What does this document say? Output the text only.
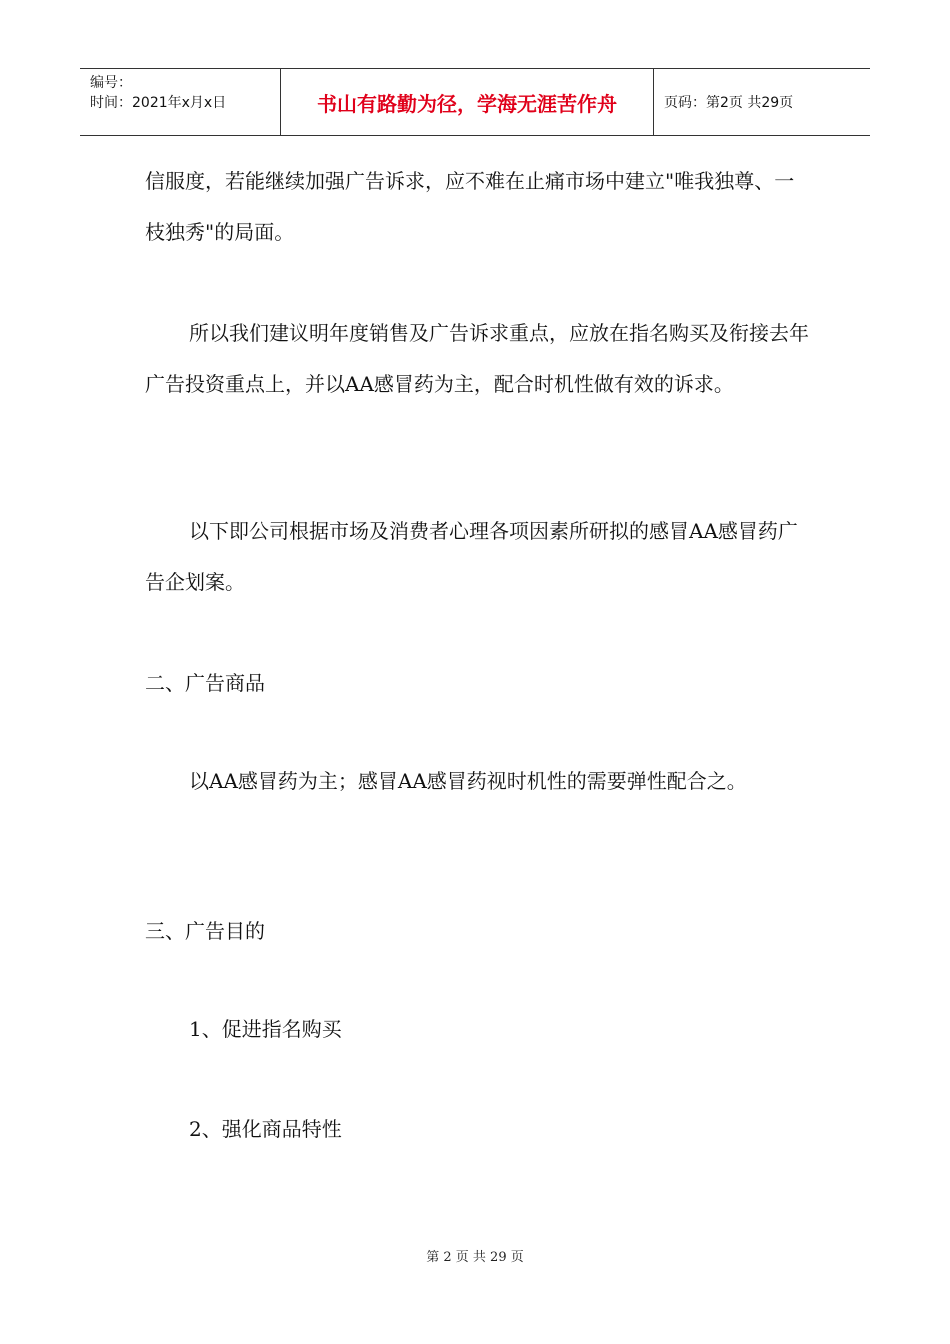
编号：
时间：2021年x月x日	书山有路勤为径，学海无涯苦作舟	页码：第2页 共29页

信服度，若能继续加强广告诉求，应不难在止痛市场中建立"唯我独尊、一枝独秀"的局面。

所以我们建议明年度销售及广告诉求重点，应放在指名购买及衔接去年广告投资重点上，并以AA感冒药为主，配合时机性做有效的诉求。

以下即公司根据市场及消费者心理各项因素所研拟的感冒AA感冒药广告企划案。

二、广告商品

以AA感冒药为主；感冒AA感冒药视时机性的需要弹性配合之。

三、广告目的

1、促进指名购买

2、强化商品特性

第 2 页 共 29 页
